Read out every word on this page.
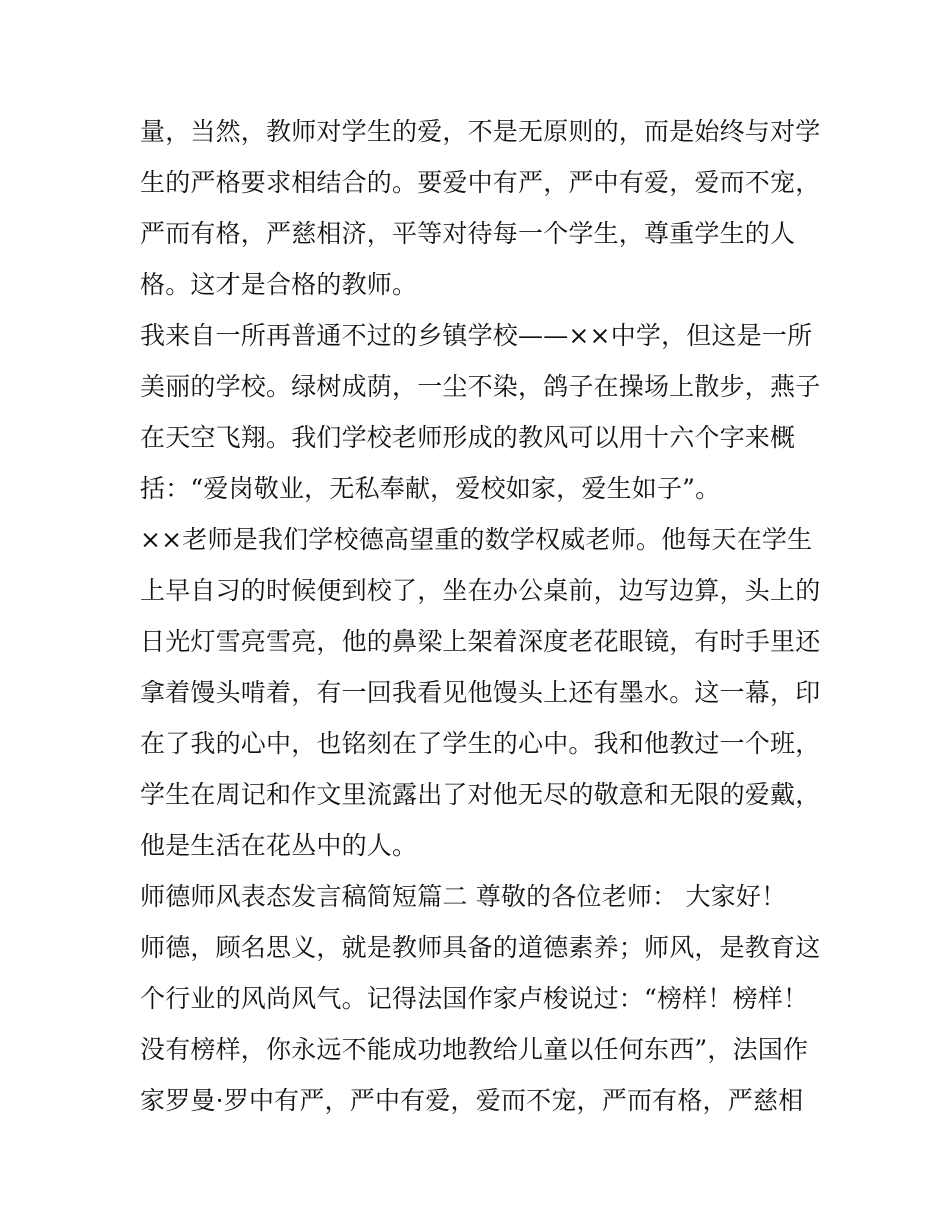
量，当然，教师对学生的爱，不是无原则的，而是始终与对学
生的严格要求相结合的。要爱中有严，严中有爱，爱而不宠，
严而有格，严慈相济，平等对待每一个学生，尊重学生的人
格。这才是合格的教师。
我来自一所再普通不过的乡镇学校——××中学，但这是一所
美丽的学校。绿树成荫，一尘不染，鸽子在操场上散步，燕子
在天空飞翔。我们学校老师形成的教风可以用十六个字来概
括：“爱岗敬业，无私奉献，爱校如家，爱生如子”。
××老师是我们学校德高望重的数学权威老师。他每天在学生
上早自习的时候便到校了，坐在办公桌前，边写边算，头上的
日光灯雪亮雪亮，他的鼻梁上架着深度老花眼镜，有时手里还
拿着馒头啃着，有一回我看见他馒头上还有墨水。这一幕，印
在了我的心中，也铭刻在了学生的心中。我和他教过一个班，
学生在周记和作文里流露出了对他无尽的敬意和无限的爱戴，
他是生活在花丛中的人。
师德师风表态发言稿简短篇二 尊敬的各位老师： 大家好！
师德，顾名思义，就是教师具备的道德素养；师风，是教育这
个行业的风尚风气。记得法国作家卢梭说过：“榜样！榜样！
没有榜样，你永远不能成功地教给儿童以任何东西”，法国作
家罗曼·罗中有严，严中有爱，爱而不宠，严而有格，严慈相
